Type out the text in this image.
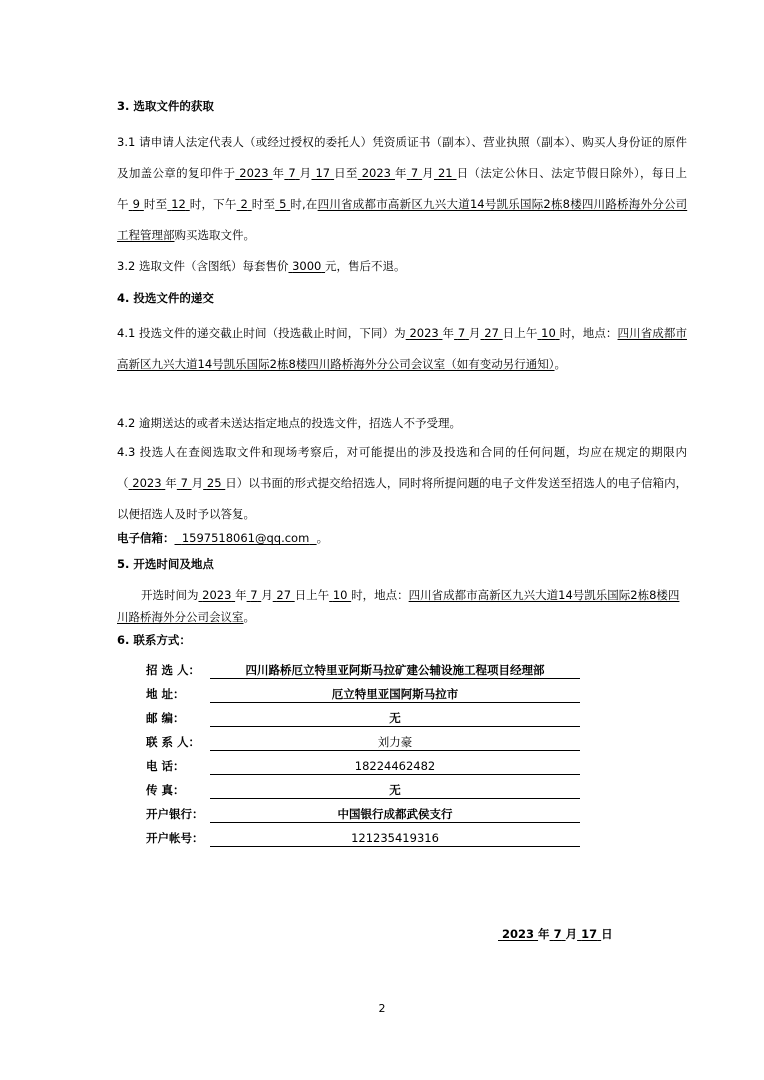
3. 选取文件的获取
3.1 请申请人法定代表人（或经过授权的委托人）凭资质证书（副本）、营业执照（副本）、购买人身份证的原件及加盖公章的复印件于 2023 年 7 月 17 日至 2023 年 7 月 21 日（法定公休日、法定节假日除外），每日上午 9 时至 12 时，下午 2 时至 5 时,在四川省成都市高新区九兴大道14号凯乐国际2栋8楼四川路桥海外分公司工程管理部购买选取文件。
3.2 选取文件（含图纸）每套售价 3000 元，售后不退。
4. 投选文件的递交
4.1 投选文件的递交截止时间（投选截止时间，下同）为 2023 年 7 月 27 日上午 10 时，地点：四川省成都市高新区九兴大道14号凯乐国际2栋8楼四川路桥海外分公司会议室（如有变动另行通知）。
4.2 逾期送达的或者未送达指定地点的投选文件，招选人不予受理。
4.3 投选人在查阅选取文件和现场考察后，对可能提出的涉及投选和合同的任何问题，均应在规定的期限内（ 2023 年 7 月 25 日）以书面的形式提交给招选人，同时将所提问题的电子文件发送至招选人的电子信箱内，以便招选人及时予以答复。
电子信箱： 1597518061@qq.com 。
5. 开选时间及地点
开选时间为 2023 年 7 月 27 日上午 10 时，地点：四川省成都市高新区九兴大道14号凯乐国际2栋8楼四川路桥海外分公司会议室。
6. 联系方式：
招 选 人：	四川路桥厄立特里亚阿斯马拉矿建公辅设施工程项目经理部
地 址：	厄立特里亚国阿斯马拉市
邮 编：	无
联 系 人：	刘力豪
电 话：	18224462482
传 真：	无
开户银行：	中国银行成都武侯支行
开户帐号：	121235419316
2023 年 7 月 17 日
2
